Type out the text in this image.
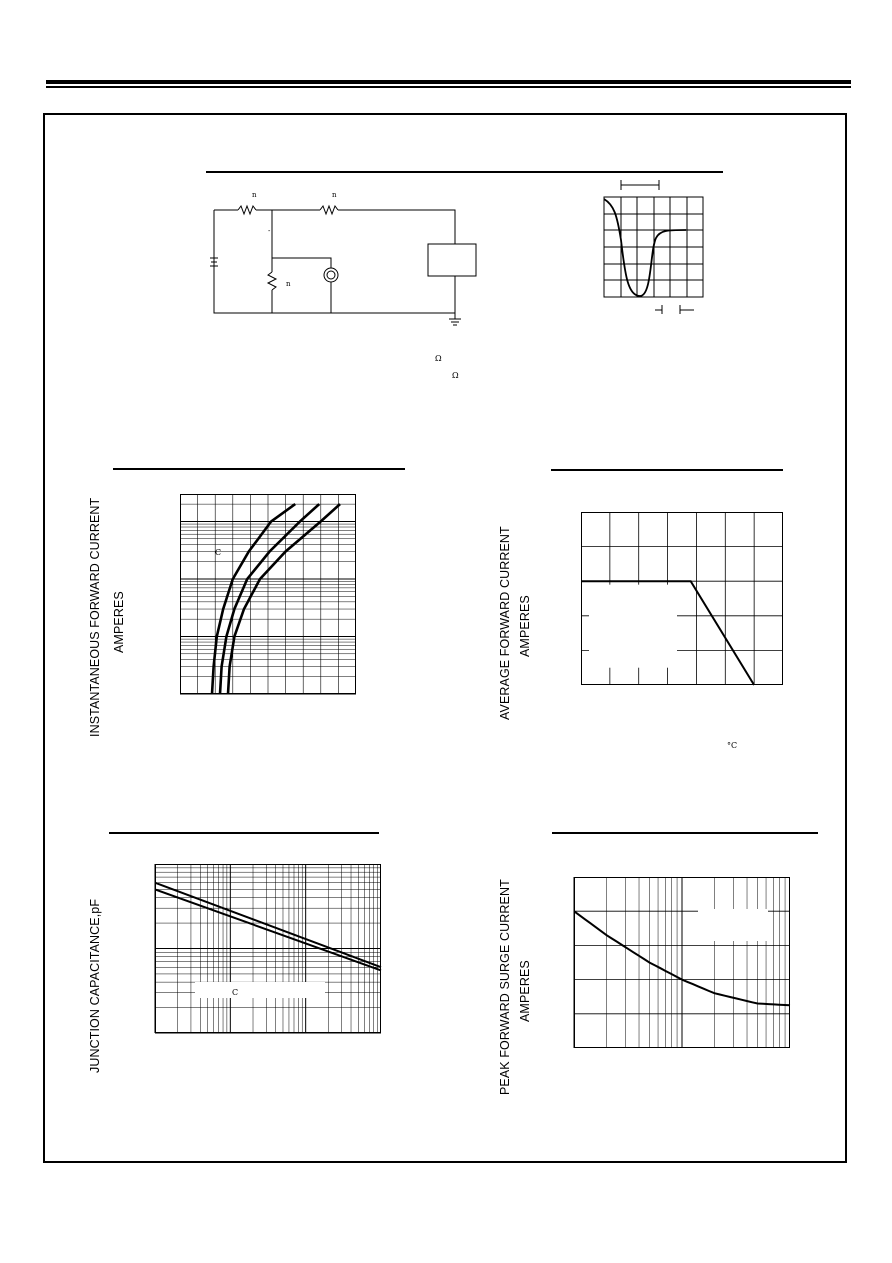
n	n
n
-
Ω
Ω
INSTANTANEOUS FORWARD CURRENT AMPERES
C	AVERAGE FORWARD CURRENT AMPERES
°C
JUNCTION CAPACITANCE,pF	C	PEAK FORWARD SURGE CURRENT AMPERES
